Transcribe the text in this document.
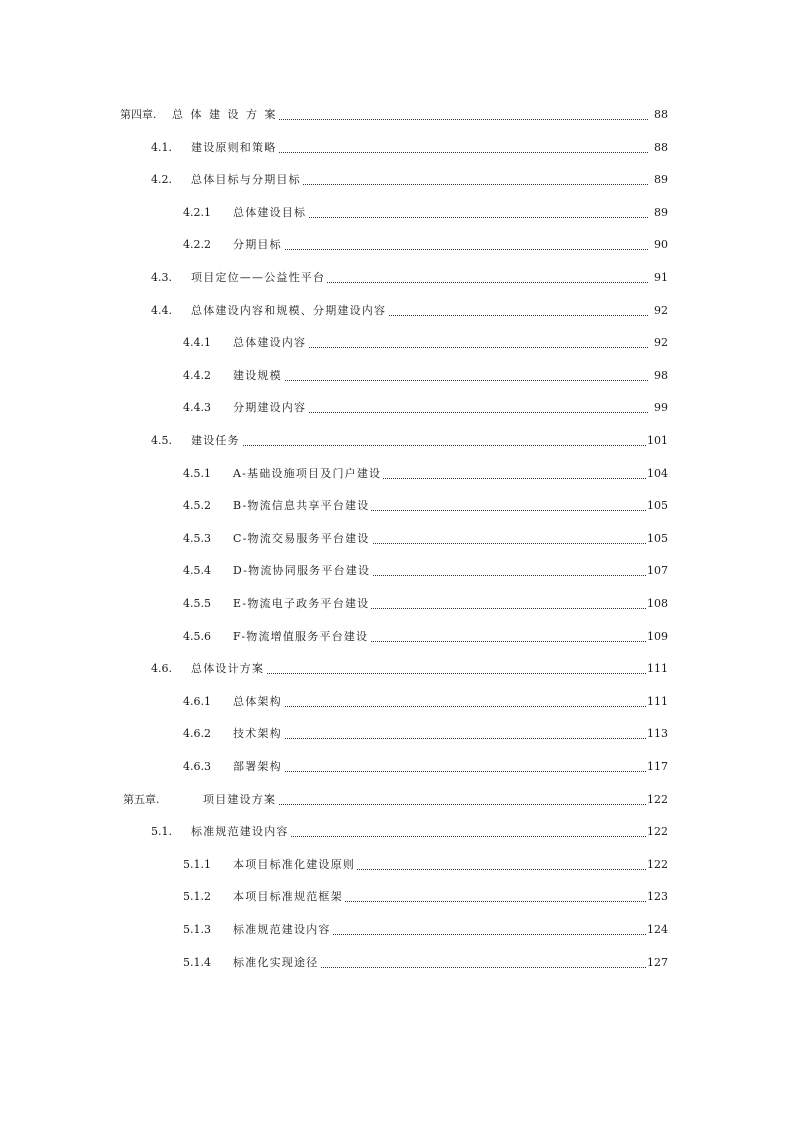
第四章. 总 体 建 设 方 案	88
4.1. 建设原则和策略	88
4.2. 总体目标与分期目标	89
4.2.1 总体建设目标	89
4.2.2 分期目标	90
4.3. 项目定位——公益性平台	91
4.4. 总体建设内容和规模、分期建设内容	92
4.4.1 总体建设内容	92
4.4.2 建设规模	98
4.4.3 分期建设内容	99
4.5. 建设任务	101
4.5.1 A-基础设施项目及门户建设	104
4.5.2 B-物流信息共享平台建设	105
4.5.3 C-物流交易服务平台建设	105
4.5.4 D-物流协同服务平台建设	107
4.5.5 E-物流电子政务平台建设	108
4.5.6 F-物流增值服务平台建设	109
4.6. 总体设计方案	111
4.6.1 总体架构	111
4.6.2 技术架构	113
4.6.3 部署架构	117
第五章.	项目建设方案	122
5.1. 标准规范建设内容	122
5.1.1 本项目标准化建设原则	122
5.1.2 本项目标准规范框架	123
5.1.3 标准规范建设内容	124
5.1.4 标准化实现途径	127
